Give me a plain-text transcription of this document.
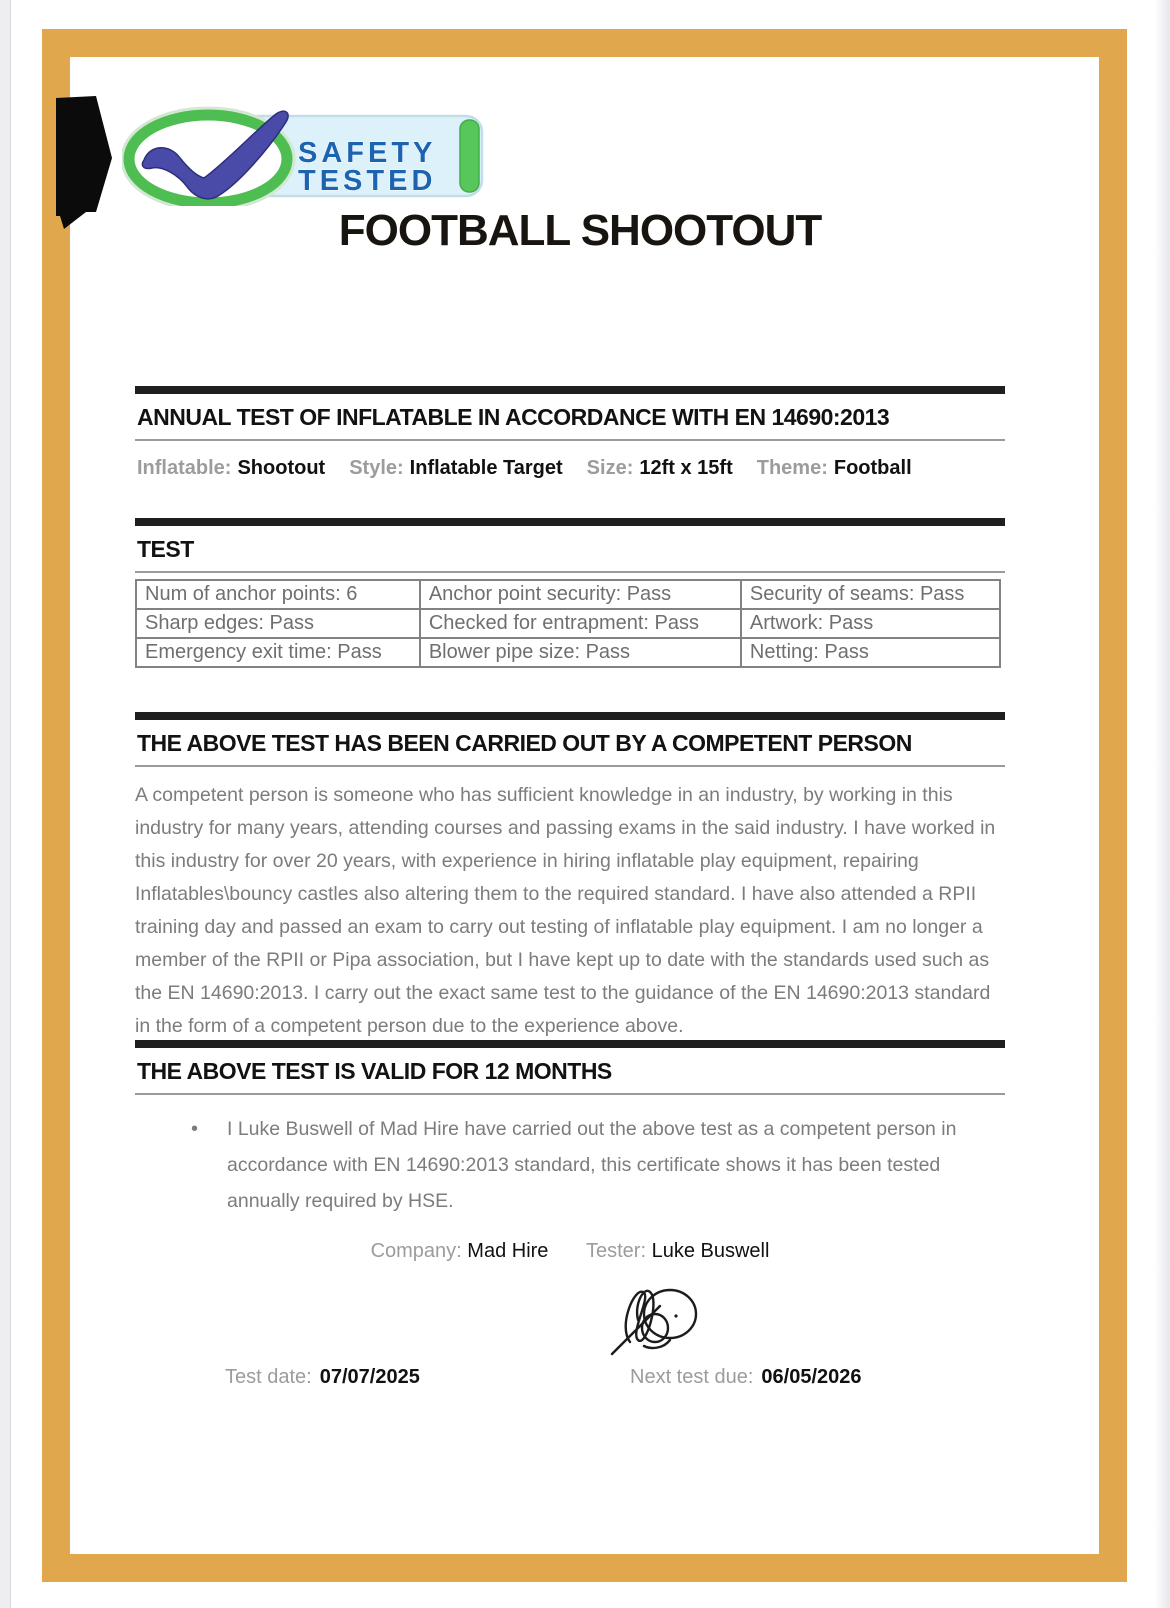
SAFETY
TESTED
FOOTBALL SHOOTOUT
ANNUAL TEST OF INFLATABLE IN ACCORDANCE WITH EN 14690:2013
Inflatable: Shootout Style: Inflatable Target Size: 12ft x 15ft Theme: Football
TEST
Num of anchor points: 6	Anchor point security: Pass	Security of seams: Pass
Sharp edges: Pass	Checked for entrapment: Pass	Artwork: Pass
Emergency exit time: Pass	Blower pipe size: Pass	Netting: Pass
THE ABOVE TEST HAS BEEN CARRIED OUT BY A COMPETENT PERSON
A competent person is someone who has sufficient knowledge in an industry, by working in this industry for many years, attending courses and passing exams in the said industry. I have worked in this industry for over 20 years, with experience in hiring inflatable play equipment, repairing Inflatables\bouncy castles also altering them to the required standard. I have also attended a RPII training day and passed an exam to carry out testing of inflatable play equipment. I am no longer a member of the RPII or Pipa association, but I have kept up to date with the standards used such as the EN 14690:2013. I carry out the exact same test to the guidance of the EN 14690:2013 standard in the form of a competent person due to the experience above.
THE ABOVE TEST IS VALID FOR 12 MONTHS
•	I Luke Buswell of Mad Hire have carried out the above test as a competent person in accordance with EN 14690:2013 standard, this certificate shows it has been tested annually required by HSE.
Company: Mad Hire Tester: Luke Buswell
Test date: 07/07/2025	Next test due: 06/05/2026
